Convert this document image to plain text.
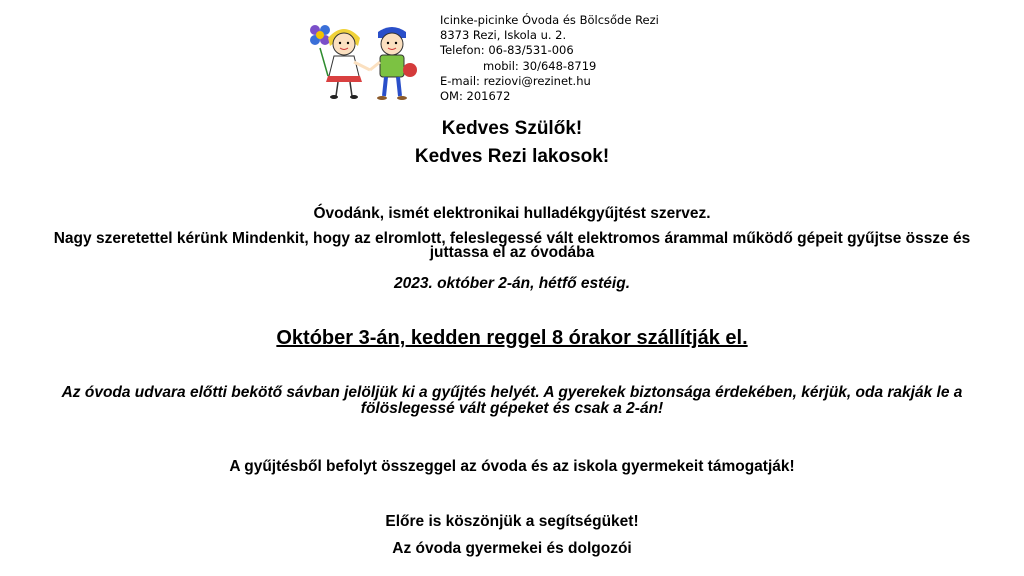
Icinke-picinke Óvoda és Bölcsőde Rezi
8373 Rezi, Iskola u. 2.
Telefon: 06-83/531-006
mobil: 30/648-8719
E-mail: reziovi@rezinet.hu
OM: 201672
Kedves Szülők!
Kedves Rezi lakosok!
Óvodánk, ismét elektronikai hulladékgyűjtést szervez.
Nagy szeretettel kérünk Mindenkit, hogy az elromlott, feleslegessé vált elektromos árammal működő gépeit gyűjtse össze és juttassa el az óvodába
2023. október 2-án, hétfő estéig.
Október 3-án, kedden reggel 8 órakor szállítják el.
Az óvoda udvara előtti bekötő sávban jelöljük ki a gyűjtés helyét. A gyerekek biztonsága érdekében, kérjük, oda rakják le a fölöslegessé vált gépeket és csak a 2-án!
A gyűjtésből befolyt összeggel az óvoda és az iskola gyermekeit támogatják!
Előre is köszönjük a segítségüket!
Az óvoda gyermekei és dolgozói
